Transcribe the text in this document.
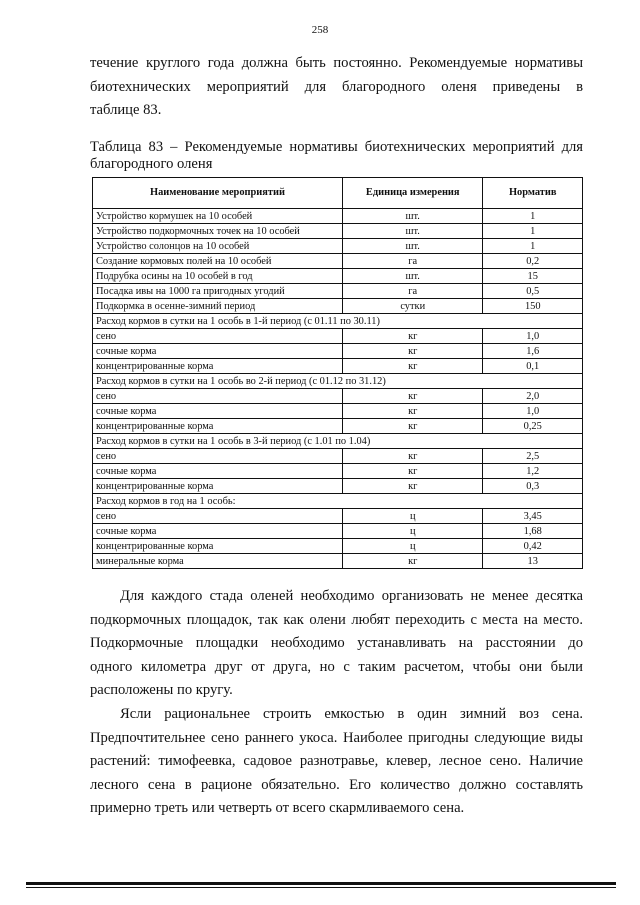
258
течение круглого года должна быть постоянно. Рекомендуемые нормативы
биотехнических мероприятий для благородного оленя приведены в
таблице 83.
Таблица 83 – Рекомендуемые нормативы биотехнических мероприятий для
благородного оленя
Наименование мероприятий	Единица измерения	Норматив
Устройство кормушек на 10 особей	шт.	1
Устройство подкормочных точек на 10 особей	шт.	1
Устройство солонцов на 10 особей	шт.	1
Создание кормовых полей на 10 особей	га	0,2
Подрубка осины на 10 особей в год	шт.	15
Посадка ивы на 1000 га пригодных угодий	га	0,5
Подкормка в осенне-зимний период	сутки	150
Расход кормов в сутки на 1 особь в 1-й период (с 01.11 по 30.11)		
сено	кг	1,0
сочные корма	кг	1,6
концентрированные корма	кг	0,1
Расход кормов в сутки на 1 особь во 2-й период (с 01.12 по 31.12)		
сено	кг	2,0
сочные корма	кг	1,0
концентрированные корма	кг	0,25
Расход кормов в сутки на 1 особь в 3-й период (с 1.01 по 1.04)		
сено	кг	2,5
сочные корма	кг	1,2
концентрированные корма	кг	0,3
Расход кормов в год на 1 особь:		
сено	ц	3,45
сочные корма	ц	1,68
концентрированные корма	ц	0,42
минеральные корма	кг	13
Для каждого стада оленей необходимо организовать не менее десятка
подкормочных площадок, так как олени любят переходить с места на место.
Подкормочные площадки необходимо устанавливать на расстоянии до
одного километра друг от друга, но с таким расчетом, чтобы они были
расположены по кругу.
Ясли рациональнее строить емкостью в один зимний воз сена.
Предпочтительнее сено раннего укоса. Наиболее пригодны следующие виды
растений: тимофеевка, садовое разнотравье, клевер, лесное сено. Наличие
лесного сена в рационе обязательно. Его количество должно составлять
примерно треть или четверть от всего скармливаемого сена.
